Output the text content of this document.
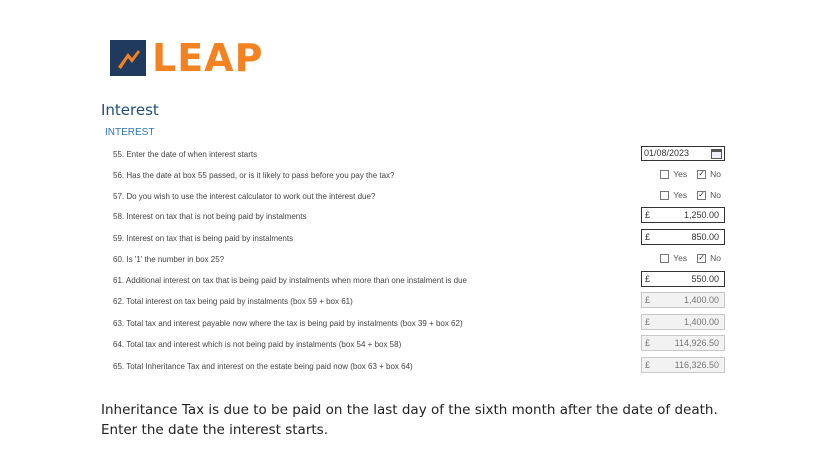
LEAP
Interest
INTEREST
55. Enter the date of when interest starts	01/08/2023
56. Has the date at box 55 passed, or is it likely to pass before you pay the tax?	Yes ✓ No
57. Do you wish to use the interest calculator to work out the interest due?	Yes ✓ No
58. Interest on tax that is not being paid by instalments	£	1,250.00
59. Interest on tax that is being paid by instalments	£	850.00
60. Is '1' the number in box 25?	Yes ✓ No
61. Additional interest on tax that is being paid by instalments when more than one instalment is due	£	550.00
62. Total interest on tax being paid by instalments (box 59 + box 61)	£	1,400.00
63. Total tax and interest payable now where the tax is being paid by instalments (box 39 + box 62)	£	1,400.00
64. Total tax and interest which is not being paid by instalments (box 54 + box 58)	£	114,926.50
65. Total Inheritance Tax and interest on the estate being paid now (box 63 + box 64)	£	116,326.50
Inheritance Tax is due to be paid on the last day of the sixth month after the date of death. Enter the date the interest starts.
